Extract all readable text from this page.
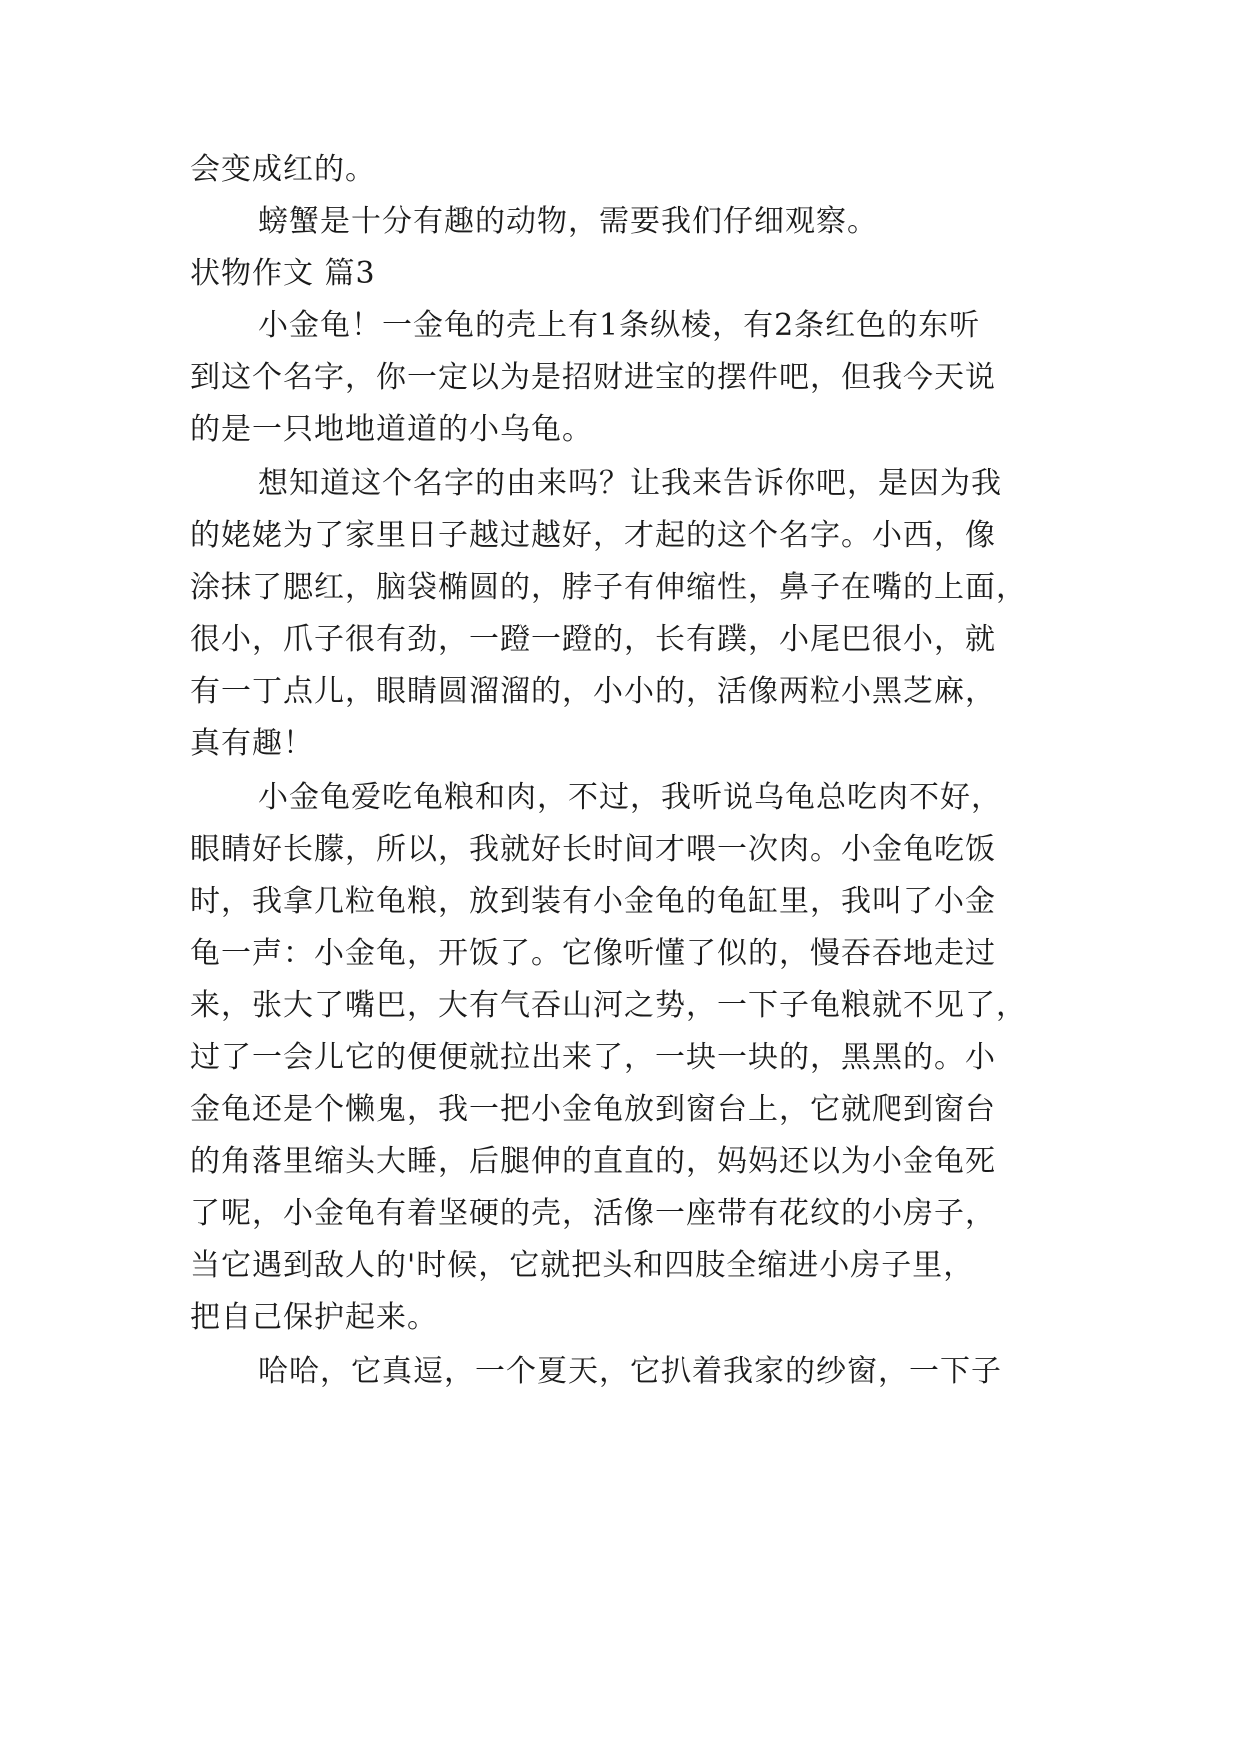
会变成红的。
螃蟹是十分有趣的动物，需要我们仔细观察。
状物作文 篇3
小金龟！一金龟的壳上有1条纵棱，有2条红色的东听
到这个名字，你一定以为是招财进宝的摆件吧，但我今天说
的是一只地地道道的小乌龟。
想知道这个名字的由来吗？让我来告诉你吧，是因为我
的姥姥为了家里日子越过越好，才起的这个名字。小西，像
涂抹了腮红，脑袋椭圆的，脖子有伸缩性，鼻子在嘴的上面，
很小，爪子很有劲，一蹬一蹬的，长有蹼，小尾巴很小，就
有一丁点儿，眼睛圆溜溜的，小小的，活像两粒小黑芝麻，
真有趣！
小金龟爱吃龟粮和肉，不过，我听说乌龟总吃肉不好，
眼睛好长朦，所以，我就好长时间才喂一次肉。小金龟吃饭
时，我拿几粒龟粮，放到装有小金龟的龟缸里，我叫了小金
龟一声：小金龟，开饭了。它像听懂了似的，慢吞吞地走过
来，张大了嘴巴，大有气吞山河之势，一下子龟粮就不见了，
过了一会儿它的便便就拉出来了，一块一块的，黑黑的。小
金龟还是个懒鬼，我一把小金龟放到窗台上，它就爬到窗台
的角落里缩头大睡，后腿伸的直直的，妈妈还以为小金龟死
了呢，小金龟有着坚硬的壳，活像一座带有花纹的小房子，
当它遇到敌人的'时候，它就把头和四肢全缩进小房子里，
把自己保护起来。
哈哈，它真逗，一个夏天，它扒着我家的纱窗，一下子
